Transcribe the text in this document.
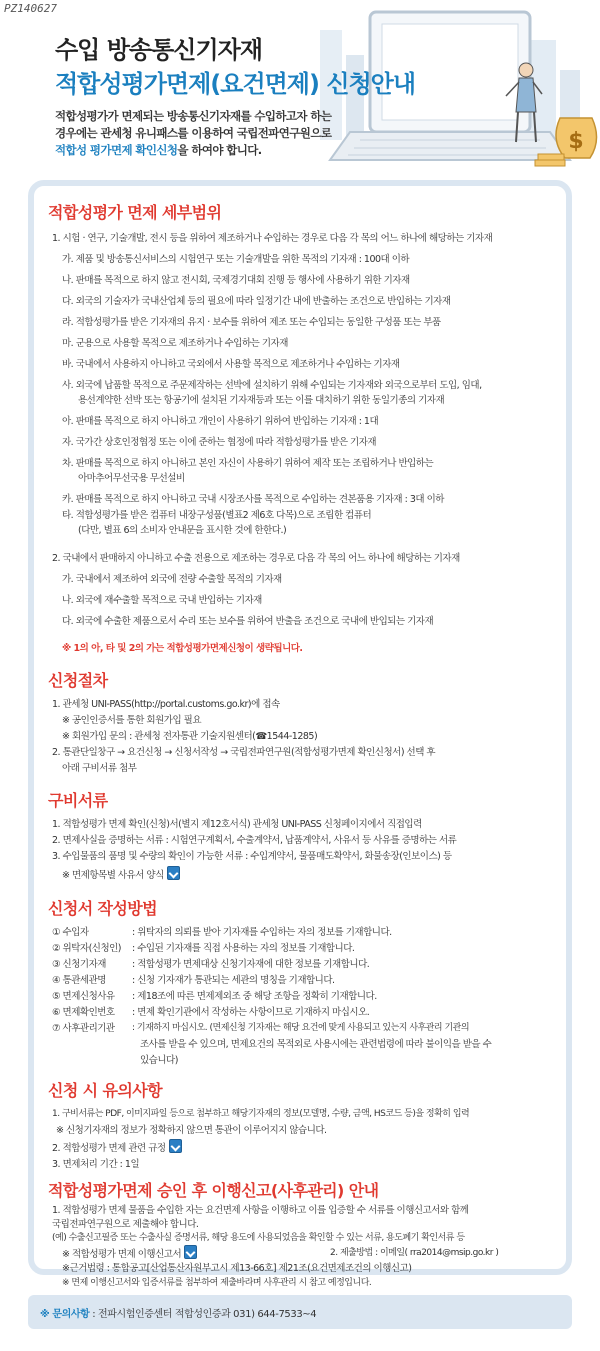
PZ140627
$
수입 방송통신기자재
적합성평가면제(요건면제) 신청안내
적합성평가가 면제되는 방송통신기자재를 수입하고자 하는 경우에는 관세청 유니패스를 이용하여 국립전파연구원으로 적합성 평가면제 확인신청을 하여야 합니다.
적합성평가 면제 세부범위
1. 시험 · 연구, 기술개발, 전시 등을 위하여 제조하거나 수입하는 경우로 다음 각 목의 어느 하나에 해당하는 기자재
가. 제품 및 방송통신서비스의 시험연구 또는 기술개발을 위한 목적의 기자재 : 100대 이하
나. 판매를 목적으로 하지 않고 전시회, 국제경기대회 진행 등 행사에 사용하기 위한 기자재
다. 외국의 기술자가 국내산업체 등의 필요에 따라 일정기간 내에 반출하는 조건으로 반입하는 기자재
라. 적합성평가를 받은 기자재의 유지 · 보수를 위하여 제조 또는 수입되는 동일한 구성품 또는 부품
마. 군용으로 사용할 목적으로 제조하거나 수입하는 기자재
바. 국내에서 사용하지 아니하고 국외에서 사용할 목적으로 제조하거나 수입하는 기자재
사. 외국에 납품할 목적으로 주문제작하는 선박에 설치하기 위해 수입되는 기자재와 외국으로부터 도입, 임대,
용선계약한 선박 또는 항공기에 설치된 기자재등과 또는 이를 대치하기 위한 동일기종의 기자재
아. 판매를 목적으로 하지 아니하고 개인이 사용하기 위하여 반입하는 기자재 : 1대
자. 국가간 상호인정협정 또는 이에 준하는 협정에 따라 적합성평가를 받은 기자재
차. 판매를 목적으로 하지 아니하고 본인 자신이 사용하기 위하여 제작 또는 조립하거나 반입하는
아마추어무선국용 무선설비
카. 판매를 목적으로 하지 아니하고 국내 시장조사를 목적으로 수입하는 견본품용 기자재 : 3대 이하
타. 적합성평가를 받은 컴퓨터 내장구성품(별표2 제6호 다목)으로 조립한 컴퓨터
(다만, 별표 6의 소비자 안내문을 표시한 것에 한한다.)
2. 국내에서 판매하지 아니하고 수출 전용으로 제조하는 경우로 다음 각 목의 어느 하나에 해당하는 기자재
가. 국내에서 제조하여 외국에 전량 수출할 목적의 기자재
나. 외국에 재수출할 목적으로 국내 반입하는 기자재
다. 외국에 수출한 제품으로서 수리 또는 보수를 위하여 반출을 조건으로 국내에 반입되는 기자재
※ 1의 아, 타 및 2의 가는 적합성평가면제신청이 생략됩니다.
신청절차
1. 관세청 UNI-PASS(http://portal.customs.go.kr)에 접속
※ 공인인증서를 통한 회원가입 필요
※ 회원가입 문의 : 관세청 전자통관 기술지원센터(☎1544-1285)
2. 통관단일창구 → 요건신청 → 신청서작성 → 국립전파연구원(적합성평가면제 확인신청서) 선택 후
아래 구비서류 첨부
구비서류
1. 적합성평가 면제 확인(신청)서(별지 제12호서식) 관세청 UNI-PASS 신청페이지에서 직접입력
2. 면제사실을 증명하는 서류 : 시험연구계획서, 수출계약서, 납품계약서, 사유서 등 사유를 증명하는 서류
3. 수입물품의 품명 및 수량의 확인이 가능한 서류 : 수입계약서, 물품매도확약서, 화물송장(인보이스) 등
※ 면제항목별 사유서 양식
신청서 작성방법
① 수입자	: 위탁자의 의뢰를 받아 기자재를 수입하는 자의 정보를 기재합니다.
② 위탁자(신청인) : 수입된 기자재를 직접 사용하는 자의 정보를 기재합니다.
③ 신청기자재	: 적합성평가 면제대상 신청기자재에 대한 정보를 기재합니다.
④ 통관세관명	: 신청 기자재가 통관되는 세관의 명칭을 기재합니다.
⑤ 면제신청사유 : 제18조에 따른 면제제외조 중 해당 조항을 정확히 기재합니다.
⑥ 면제확인번호 : 면제 확인기관에서 작성하는 사항이므로 기재하지 마십시오.
⑦ 사후관리기관 : 기재하지 마십시오. (면제신청 기자재는 해당 요건에 맞게 사용되고 있는지 사후관리 기관의
조사를 받을 수 있으며, 면제요건의 목적외로 사용시에는 관련법령에 따라 불이익을 받을 수
있습니다)
신청 시 유의사항
1. 구비서류는 PDF, 이미지파일 등으로 첨부하고 해당기자재의 정보(모델명, 수량, 금액, HS코드 등)을 정확히 입력
※ 신청기자재의 정보가 정확하지 않으면 통관이 이루어지지 않습니다.
2. 적합성평가 면제 관련 규정
3. 면제처리 기간 : 1일
적합성평가면제 승인 후 이행신고(사후관리) 안내
1. 적합성평가 면제 물품을 수입한 자는 요건면제 사항을 이행하고 이를 입증할 수 서류를 이행신고서와 함께
국립전파연구원으로 제출해야 합니다.
(예) 수출신고필증 또는 수출사실 증명서류, 해당 용도에 사용되었음을 확인할 수 있는 서류, 용도폐기 확인서류 등
※ 적합성평가 면제 이행신고서
※근거법령 : 통합공고[산업통산자원부고시 제13-66호] 제21조(요건면제조건의 이행신고)
※ 문의사항 : 전파시험인증센터 적합성인증과 031) 644-7533~4
2. 제출방법 : 이메일( rra2014@msip.go.kr )
※ 면제 이행신고서와 입증서류를 첨부하여 제출바라며 사후관리 시 참고 예정입니다.
